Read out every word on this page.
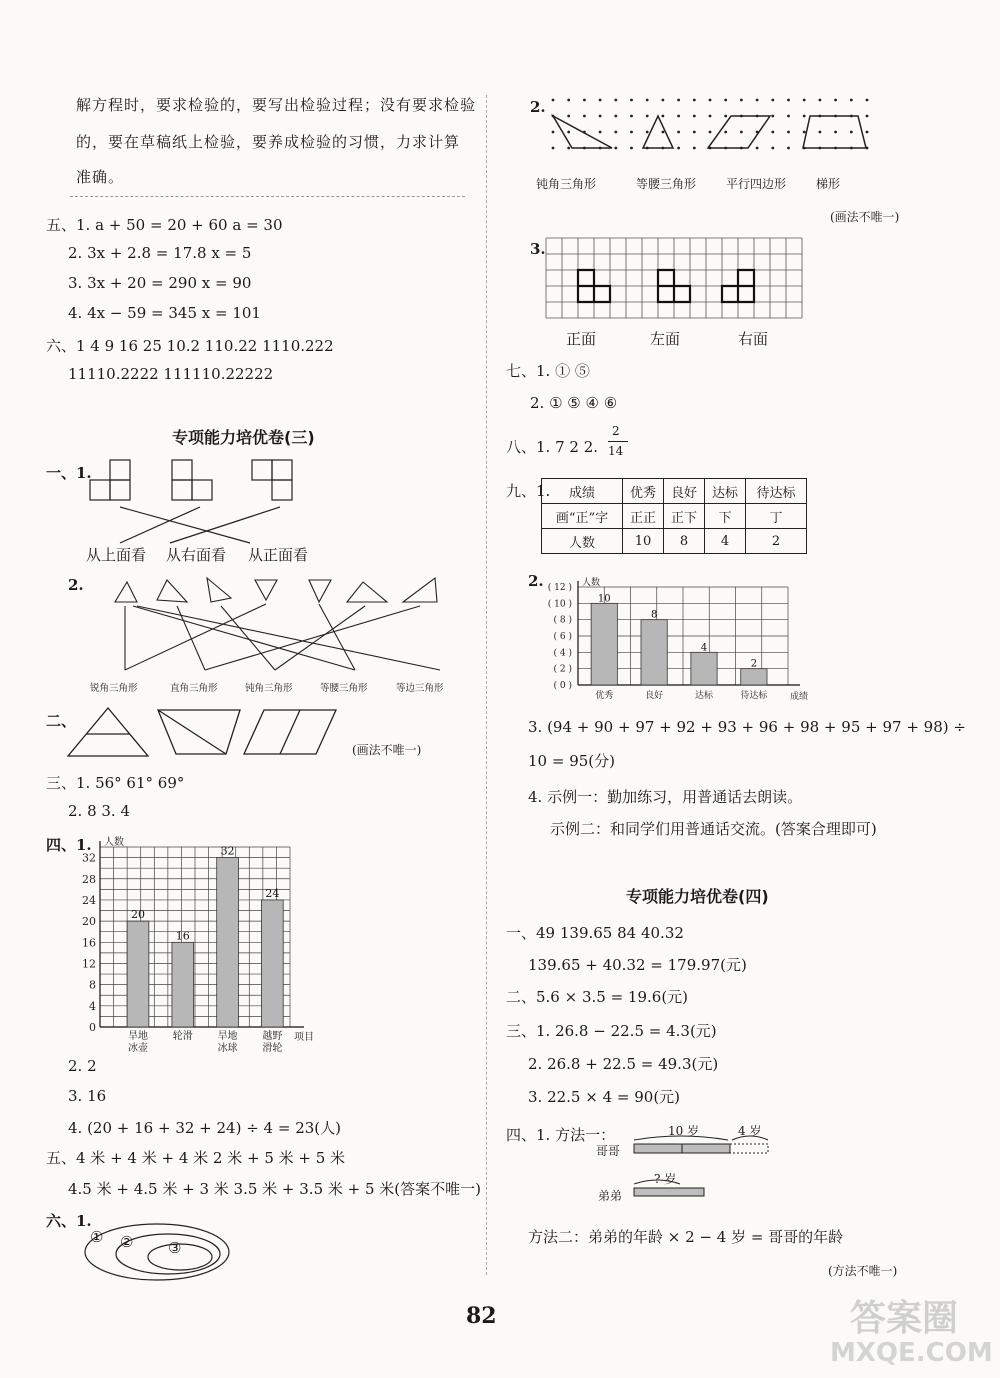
解方程时，要求检验的，要写出检验过程；没有要求检验
的，要在草稿纸上检验，要养成检验的习惯，力求计算
准确。
五、1. a + 50 = 20 + 60 a = 30
2. 3x + 2.8 = 17.8 x = 5
3. 3x + 20 = 290 x = 90
4. 4x − 59 = 345 x = 101
六、1 4 9 16 25 10.2 110.22 1110.222
11110.2222 111110.22222
专项能力培优卷(三)
一、1.
从上面看 从右面看 从正面看
2.
锐角三角形	直角三角形	钝角三角形	等腰三角形	等边三角形
二、
(画法不唯一)
三、1. 56° 61° 69°
2. 8 3. 4
四、1.
0
4
8
12
16
20
24
28
32
人数
项目
20
旱地
冰壶
16
轮滑
32
旱地
冰球
24
越野
滑轮
2. 2
3. 16
4. (20 + 16 + 32 + 24) ÷ 4 = 23(人)
五、4 米 + 4 米 + 4 米 2 米 + 5 米 + 5 米
4.5 米 + 4.5 米 + 3 米 3.5 米 + 3.5 米 + 5 米(答案不唯一)
六、1.
① ② ③
2.
钝角三角形	等腰三角形 平行四边形 梯形
(画法不唯一)
3.
正面	左面	右面
七、1. ① ⑤
2. ① ⑤ ④ ⑥
八、1. 7 2 2.
2
14
九、1. 成绩	优秀	良好	达标	待达标
画“正”字	正正	正下	下	丁
人数	10	8	4	2
2.
( 0 )
( 2 )
( 4 )
( 6 )
( 8 )
( 10 )
( 12 ) 人数
成绩
10
优秀
8
良好
4
达标
2
待达标
3. (94 + 90 + 97 + 92 + 93 + 96 + 98 + 95 + 97 + 98) ÷
10 = 95(分)
4. 示例一：勤加练习，用普通话去朗读。
示例二：和同学们用普通话交流。(答案合理即可)
专项能力培优卷(四)
一、49 139.65 84 40.32
139.65 + 40.32 = 179.97(元)
二、5.6 × 3.5 = 19.6(元)
三、1. 26.8 − 22.5 = 4.3(元)
2. 26.8 + 22.5 = 49.3(元)
3. 22.5 × 4 = 90(元)
四、1. 方法一：	10 岁	4 岁
哥哥
? 岁
弟弟
方法二：弟弟的年龄 × 2 − 4 岁 = 哥哥的年龄
(方法不唯一)
82	答案圈
MXQE.COM
